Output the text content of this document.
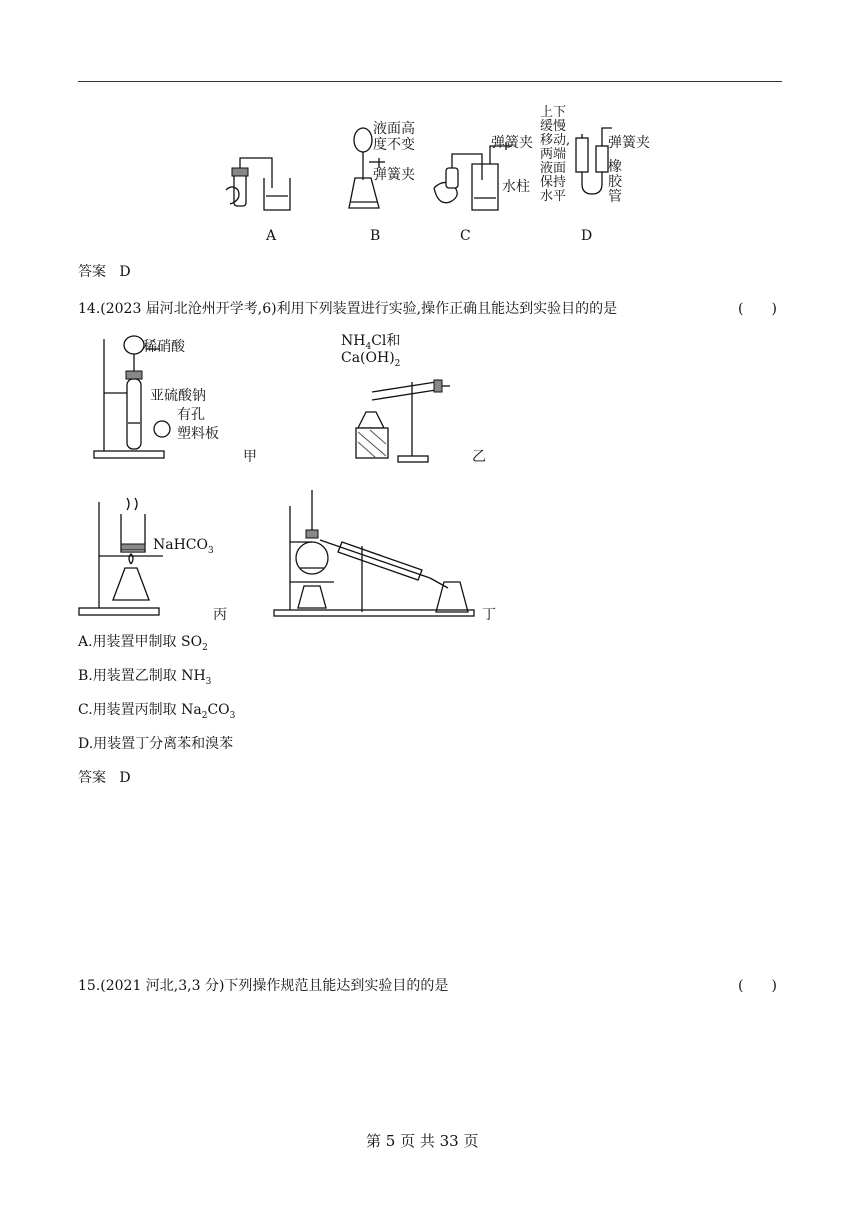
A
液面高
度不变
弹簧夹
B
弹簧夹
水柱
C
上下
缓慢
移动,
两端
液面
保持
水平
弹簧夹
橡
胶
管
D
答案 D
14.(2023 届河北沧州开学考,6)利用下列装置进行实验,操作正确且能达到实验目的的是	(　　)
稀硝酸
亚硫酸钠
有孔
塑料板
甲
$NH_4Cl$和
$Ca(OH)_2$
乙
NaHCO$_3$
丙	丁
A.用装置甲制取 $SO_2$
B.用装置乙制取 $NH_3$
C.用装置丙制取 $Na_2CO_3$
D.用装置丁分离苯和溴苯
答案 D
15.(2021 河北,3,3 分)下列操作规范且能达到实验目的的是	(　　)
第 5 页 共 33 页
